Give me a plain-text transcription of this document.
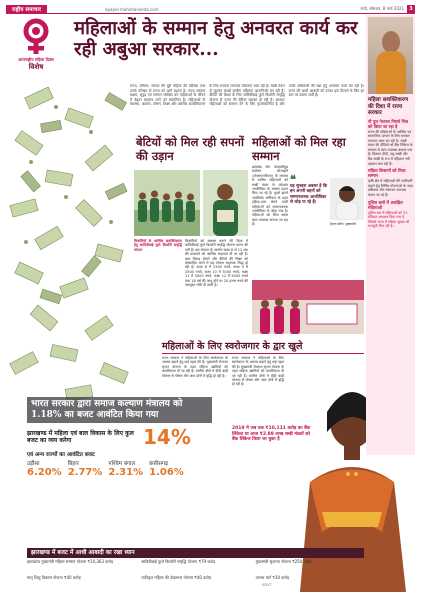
राष्ट्रीय समाचार	epaper.mahimaneeda.com	रांची, सोमवार, 8 मार्च 2021	3
अंतरराष्ट्रीय महिला दिवस
विशेष
महिलाओं के सम्मान हेतु अनवरत कार्य कर रही अबुआ सरकार...
राज्य, परिवार, समाज की धुरी महिला की कोशिश तथा उनके परिश्रम से राज्य को आगे बढ़ाना है। राज्य सरकार सक्षम, सुदृढ़ एवं सम्मान संरक्षित कर महिलाओं के जीवन में बेहतर बदलाव लाने को संकल्पित है। महिलाओं के स्वास्थ्य, आवास, पोषण, शिक्षा और आर्थिक सशक्तिकरण के लिए सरकार लगातार योजनाएं चला रही है। सखी मंडल से जुड़कर लाखों ग्रामीण महिलाएं आत्मनिर्भर बन रही हैं। बेटियों की शिक्षा के लिए सावित्रीबाई फुले किशोरी समृद्धि योजना से राज्य की बेटियां सशक्त हो रही हैं। सरकार महिलाओं को सम्मान देने के लिए कृतसंकल्पित है और उनके अधिकारों की रक्षा हेतु अनवरत कार्य कर रही है। राज्य की आधी आबादी को उनका हक दिलाने के लिए हर स्तर पर प्रयास जारी हैं।
बेटियों को मिल रही सपनों की उड़ान
महिलाओं को मिल रहा सम्मान
किशोरियों के आर्थिक सशक्तिकरण हेतु सावित्रीबाई फुले किशोरी समृद्धि योजना
किशोरियों को सशक्त बनाने की दिशा में सावित्रीबाई फुले किशोरी समृद्धि योजना प्रारंभ की गयी है। इस योजना के अंतर्गत कक्षा 8 से 12 तक की छात्राओं को आर्थिक सहायता दी जा रही है। बाल विवाह रोकने और बेटियों की शिक्षा को प्रोत्साहित करने में यह योजना सहायक सिद्ध हो रही है। कक्षा 8 में 2500 रुपये, कक्षा 9 में 2500 रुपये, कक्षा 10 में 5000 रुपये, कक्षा 11 में 5000 रुपये, कक्षा 12 में 5000 रुपये तथा 18 वर्ष की आयु होने पर 20 हजार रुपये की एकमुश्त राशि दी जाती है।
झारखंड स्टेट लाइवलीहुड प्रमोशन सोसाइटी (जेएसएलपीएस) के माध्यम से ग्रामीण महिलाओं को सखी मंडल से जोड़कर आजीविका के अवसर प्रदान किए जा रहे हैं। फूलो झानो आशीर्वाद अभियान के तहत हड़िया-दारू बेचने वाली महिलाओं को सम्मानजनक आजीविका से जोड़ा गया है। महिलाओं को बिना ब्याज ऋण उपलब्ध कराया जा रहा है।
❝
यह सुनहरा अवसर है कि हम अपनी बहनों को सम्मानजनक आजीविका से जोड़ पा रहे हैं।
हेमन्त सोरेन, मुख्यमंत्री
महिलाओं के लिए स्वरोजगार के द्वार खुले
राज्य सरकार ने महिलाओं के लिए स्वरोजगार के अवसर बढ़ाने हेतु कई पहल की हैं। मुख्यमंत्री रोजगार सृजन योजना के तहत महिला उद्यमियों को प्राथमिकता दी जा रही है। ग्रामीण क्षेत्रों में दीदी बाड़ी योजना से पोषण और आय दोनों में वृद्धि हो रही है।
राज्य सरकार ने महिलाओं के लिए स्वरोजगार के अवसर बढ़ाने हेतु कई पहल की हैं। मुख्यमंत्री रोजगार सृजन योजना के तहत महिला उद्यमियों को प्राथमिकता दी जा रही है। ग्रामीण क्षेत्रों में दीदी बाड़ी योजना से पोषण और आय दोनों में वृद्धि हो रही है।
2019 में जब तक ₹10,111 करोड़ का बैंक लिंकेज था आज ₹2.89 लाख सखी मंडलों को बैंक लिंकेज किया जा चुका है
महिला सशक्तिकरण की दिशा में राज्य सरकार
नौ पुल नेशनल नियर्स भिन्न को किया जा रहा है
राज्य की महिलाओं के आर्थिक एवं सामाजिक उत्थान के लिए सरकार लगातार काम कर रही है। सखी मंडल की दीदियों को बैंक लिंकेज के माध्यम से ऋण उपलब्ध कराया गया है। किसान दीदी, पशु सखी और बैंक सखी के रूप में महिलाएं नयी पहचान बना रही हैं।
महिला किसानों को मिला सम्मान
कृषि क्षेत्र में महिलाओं की भागीदारी बढ़ाने हेतु विभिन्न योजनाओं के तहत प्रशिक्षण और संसाधन उपलब्ध कराए जा रहे हैं।
पुलिस बलों में आरक्षित महिलाओं
पुलिस बल में महिलाओं को 33 प्रतिशत आरक्षण दिया गया है जिससे राज्य में महिला सुरक्षा को मजबूती मिल रही है।
भारत सरकार द्वारा समाज कल्याण मंत्रालय को 1.18% का बजट आवंटित किया गया
झारखण्ड में महिला एवं बाल विकास के लिए कुल बजट का व्यय करेगा	14%
एवं अन्य राज्यों का आवंटित बजट
उड़ीसा
6.20%
बिहार
2.77%
पश्चिम बंगाल
2.31%
छत्तीसगढ़
1.06%
झारखण्ड में बजट में आधी आबादी का रखा ध्यान
झारखण्ड मुख्यमंत्री महिला सम्मान योजना ₹10,363 करोड़	सावित्रीबाई फुले किशोरी समृद्धि योजना ₹79 करोड़	मुख्यमंत्री सुकन्या योजना ₹250 करोड़
मातृ शिशु विकास योजना ₹40 करोड़	एकीकृत महिला की देखभाल योजना ₹40 करोड़	पलाश मार्ट ₹30 करोड़
ADVT
